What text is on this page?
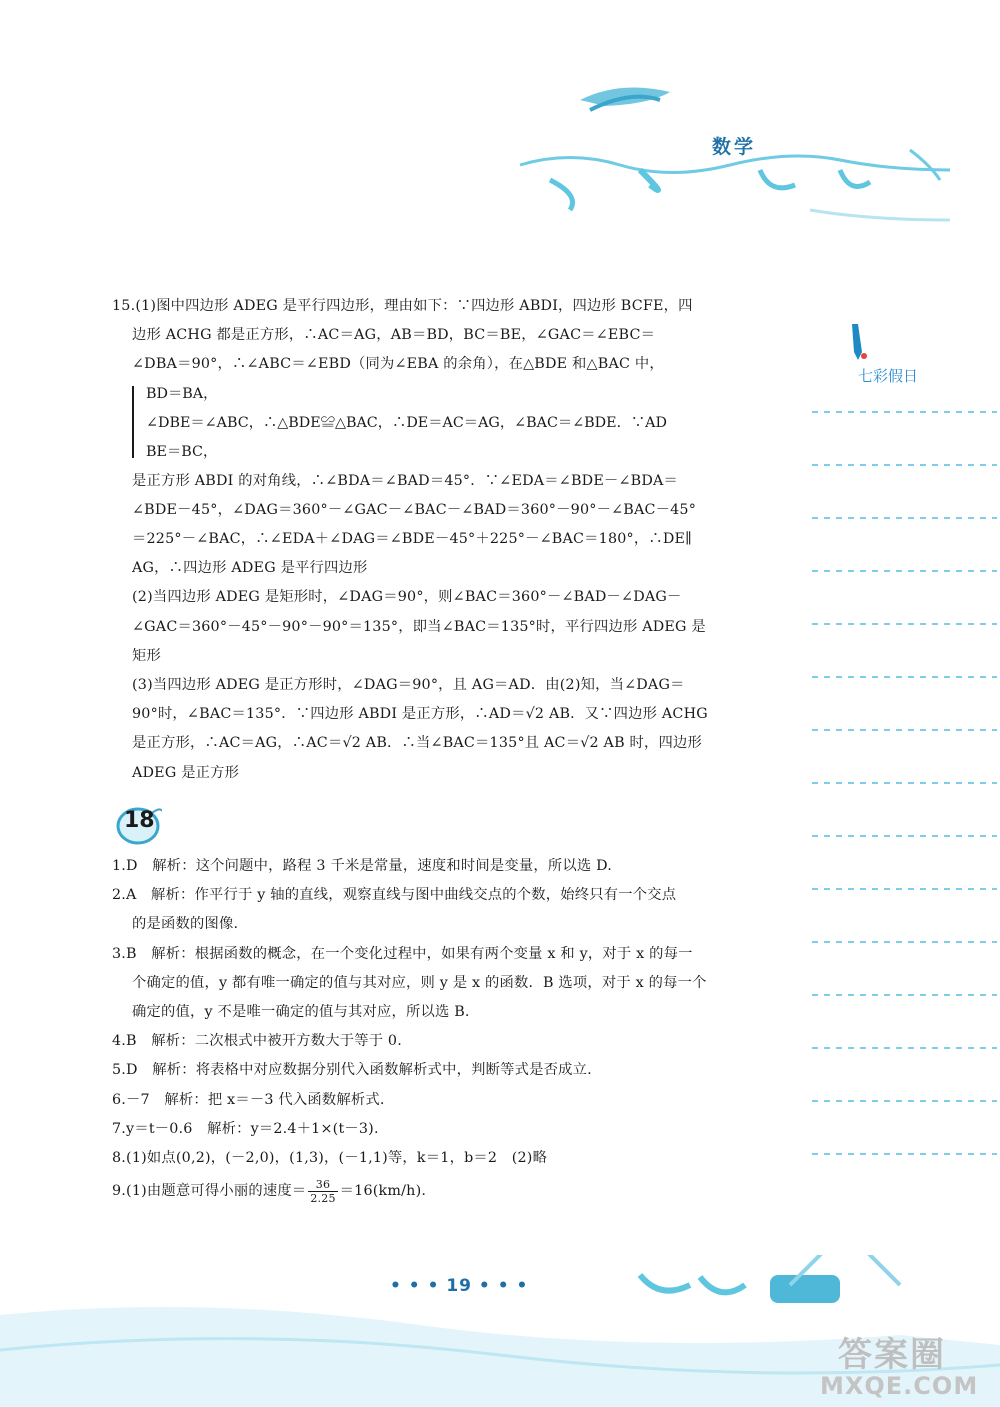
数学
七彩假日

15.(1)图中四边形 ADEG 是平行四边形，理由如下：∵四边形 ABDI，四边形 BCFE，四

边形 ACHG 都是正方形，∴AC＝AG，AB＝BD，BC＝BE，∠GAC＝∠EBC＝

∠DBA＝90°，∴∠ABC＝∠EBD（同为∠EBA 的余角），在△BDE 和△BAC 中，

BD＝BA，
∠DBE＝∠ABC，∴△BDE≌△BAC，∴DE＝AC＝AG，∠BAC＝∠BDE．∵AD
BE＝BC，

是正方形 ABDI 的对角线，∴∠BDA＝∠BAD＝45°．∵∠EDA＝∠BDE－∠BDA＝

∠BDE－45°，∠DAG＝360°－∠GAC－∠BAC－∠BAD＝360°－90°－∠BAC－45°

＝225°－∠BAC，∴∠EDA＋∠DAG＝∠BDE－45°＋225°－∠BAC＝180°，∴DE∥

AG，∴四边形 ADEG 是平行四边形

(2)当四边形 ADEG 是矩形时，∠DAG＝90°，则∠BAC＝360°－∠BAD－∠DAG－

∠GAC＝360°－45°－90°－90°＝135°，即当∠BAC＝135°时，平行四边形 ADEG 是

矩形

(3)当四边形 ADEG 是正方形时，∠DAG＝90°，且 AG＝AD．由(2)知，当∠DAG＝

90°时，∠BAC＝135°．∵四边形 ABDI 是正方形，∴AD＝√2 AB．又∵四边形 ACHG

是正方形，∴AC＝AG，∴AC＝√2 AB．∴当∠BAC＝135°且 AC＝√2 AB 时，四边形

ADEG 是正方形

18

1.D　解析：这个问题中，路程 3 千米是常量，速度和时间是变量，所以选 D.

2.A　解析：作平行于 y 轴的直线，观察直线与图中曲线交点的个数，始终只有一个交点

的是函数的图像.

3.B　解析：根据函数的概念，在一个变化过程中，如果有两个变量 x 和 y，对于 x 的每一

个确定的值，y 都有唯一确定的值与其对应，则 y 是 x 的函数．B 选项，对于 x 的每一个

确定的值，y 不是唯一确定的值与其对应，所以选 B.

4.B　解析：二次根式中被开方数大于等于 0.

5.D　解析：将表格中对应数据分别代入函数解析式中，判断等式是否成立.

6.－7　解析：把 x＝－3 代入函数解析式.

7.y＝t－0.6　解析：y＝2.4＋1×(t－3).

8.(1)如点(0,2)，(－2,0)，(1,3)，(－1,1)等，k＝1，b＝2　(2)略

9.(1)由题意可得小丽的速度＝ $\frac{36}{2.25} =16(km/h)$.

• • • 19 • • •
答案圈
MXQE.COM
